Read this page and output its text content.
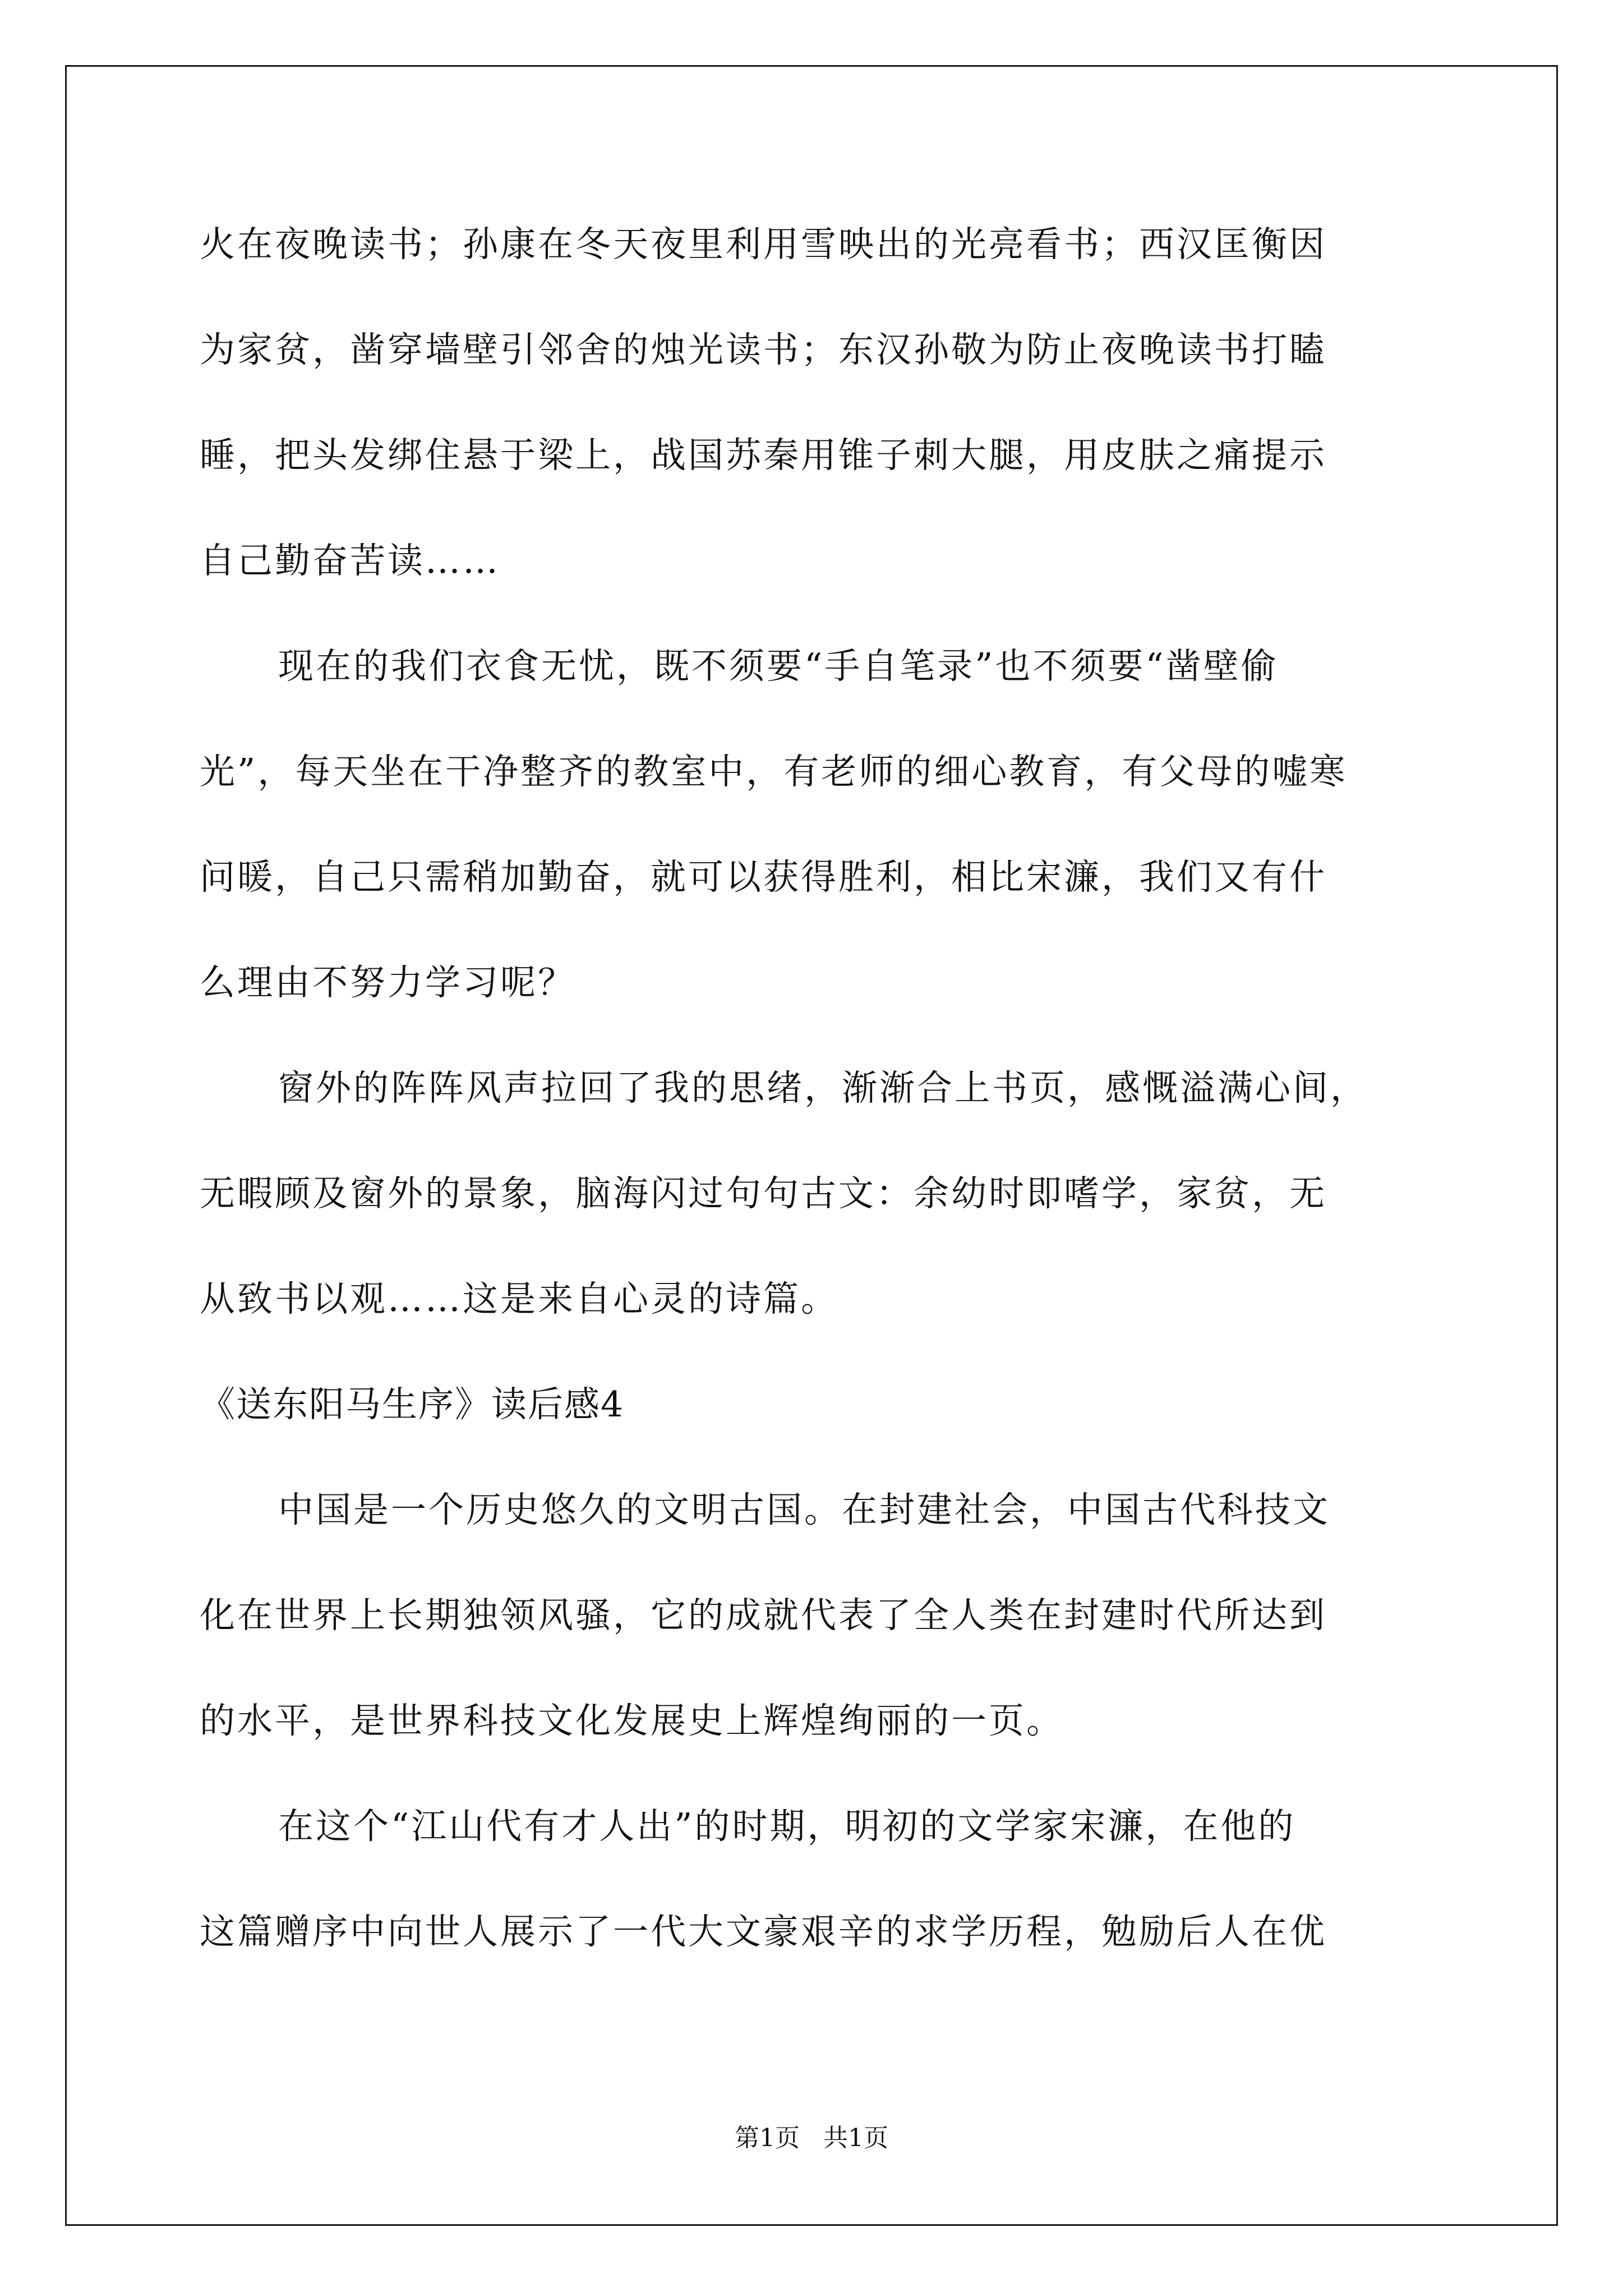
火在夜晚读书；孙康在冬天夜里利用雪映出的光亮看书；西汉匡衡因
为家贫，凿穿墙壁引邻舍的烛光读书；东汉孙敬为防止夜晚读书打瞌
睡，把头发绑住悬于梁上，战国苏秦用锥子刺大腿，用皮肤之痛提示
自己勤奋苦读……
现在的我们衣食无忧，既不须要“手自笔录”也不须要“凿壁偷
光”，每天坐在干净整齐的教室中，有老师的细心教育，有父母的嘘寒
问暖，自己只需稍加勤奋，就可以获得胜利，相比宋濂，我们又有什
么理由不努力学习呢？
窗外的阵阵风声拉回了我的思绪，渐渐合上书页，感慨溢满心间，
无暇顾及窗外的景象，脑海闪过句句古文：余幼时即嗜学，家贫，无
从致书以观……这是来自心灵的诗篇。
《送东阳马生序》读后感4
中国是一个历史悠久的文明古国。在封建社会，中国古代科技文
化在世界上长期独领风骚，它的成就代表了全人类在封建时代所达到
的水平，是世界科技文化发展史上辉煌绚丽的一页。
在这个“江山代有才人出”的时期，明初的文学家宋濂，在他的
这篇赠序中向世人展示了一代大文豪艰辛的求学历程，勉励后人在优
第1页   共1页
